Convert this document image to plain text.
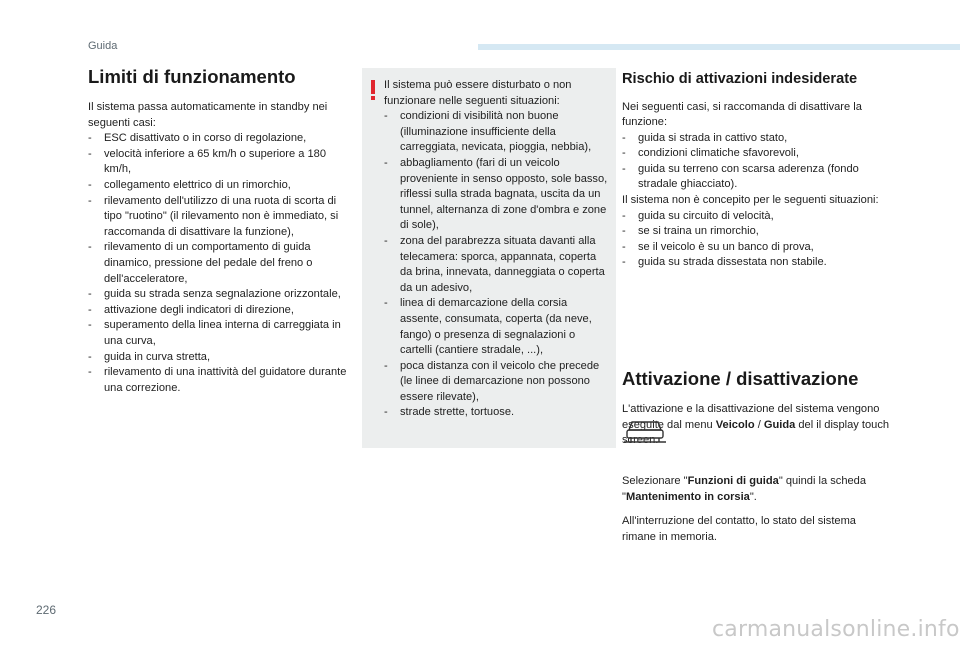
Guida
Limiti di funzionamento

Il sistema passa automaticamente in standby nei seguenti casi:

- ESC disattivato o in corso di regolazione,
- velocità inferiore a 65 km/h o superiore a 180 km/h,
- collegamento elettrico di un rimorchio,
- rilevamento dell'utilizzo di una ruota di scorta di tipo "ruotino" (il rilevamento non è immediato, si raccomanda di disattivare la funzione),
- rilevamento di un comportamento di guida dinamico, pressione del pedale del freno o dell'acceleratore,
- guida su strada senza segnalazione orizzontale,
- attivazione degli indicatori di direzione,
- superamento della linea interna di carreggiata in una curva,
- guida in curva stretta,
- rilevamento di una inattività del guidatore durante una correzione.

Il sistema può essere disturbato o non funzionare nelle seguenti situazioni:

- condizioni di visibilità non buone (illuminazione insufficiente della carreggiata, nevicata, pioggia, nebbia),
- abbagliamento (fari di un veicolo proveniente in senso opposto, sole basso, riflessi sulla strada bagnata, uscita da un tunnel, alternanza di zone d'ombra e zone di sole),
- zona del parabrezza situata davanti alla telecamera: sporca, appannata, coperta da brina, innevata, danneggiata o coperta da un adesivo,
- linea di demarcazione della corsia assente, consumata, coperta (da neve, fango) o presenza di segnalazioni o cartelli (cantiere stradale, ...),
- poca distanza con il veicolo che precede (le linee di demarcazione non possono essere rilevate),
- strade strette, tortuose.
Rischio di attivazioni indesiderate

Nei seguenti casi, si raccomanda di disattivare la funzione:

- guida si strada in cattivo stato,
- condizioni climatiche sfavorevoli,
- guida su terreno con scarsa aderenza (fondo stradale ghiacciato).

Il sistema non è concepito per le seguenti situazioni:

- guida su circuito di velocità,
- se si traina un rimorchio,
- se il veicolo è su un banco di prova,
- guida su strada dissestata non stabile.
Attivazione / disattivazione

L'attivazione e la disattivazione del sistema vengono eseguite dal menu Veicolo / Guida del il display touch screen.

Selezionare "Funzioni di guida" quindi la scheda "Mantenimento in corsia".

All'interruzione del contatto, lo stato del sistema rimane in memoria.

226
carmanualsonline.info
